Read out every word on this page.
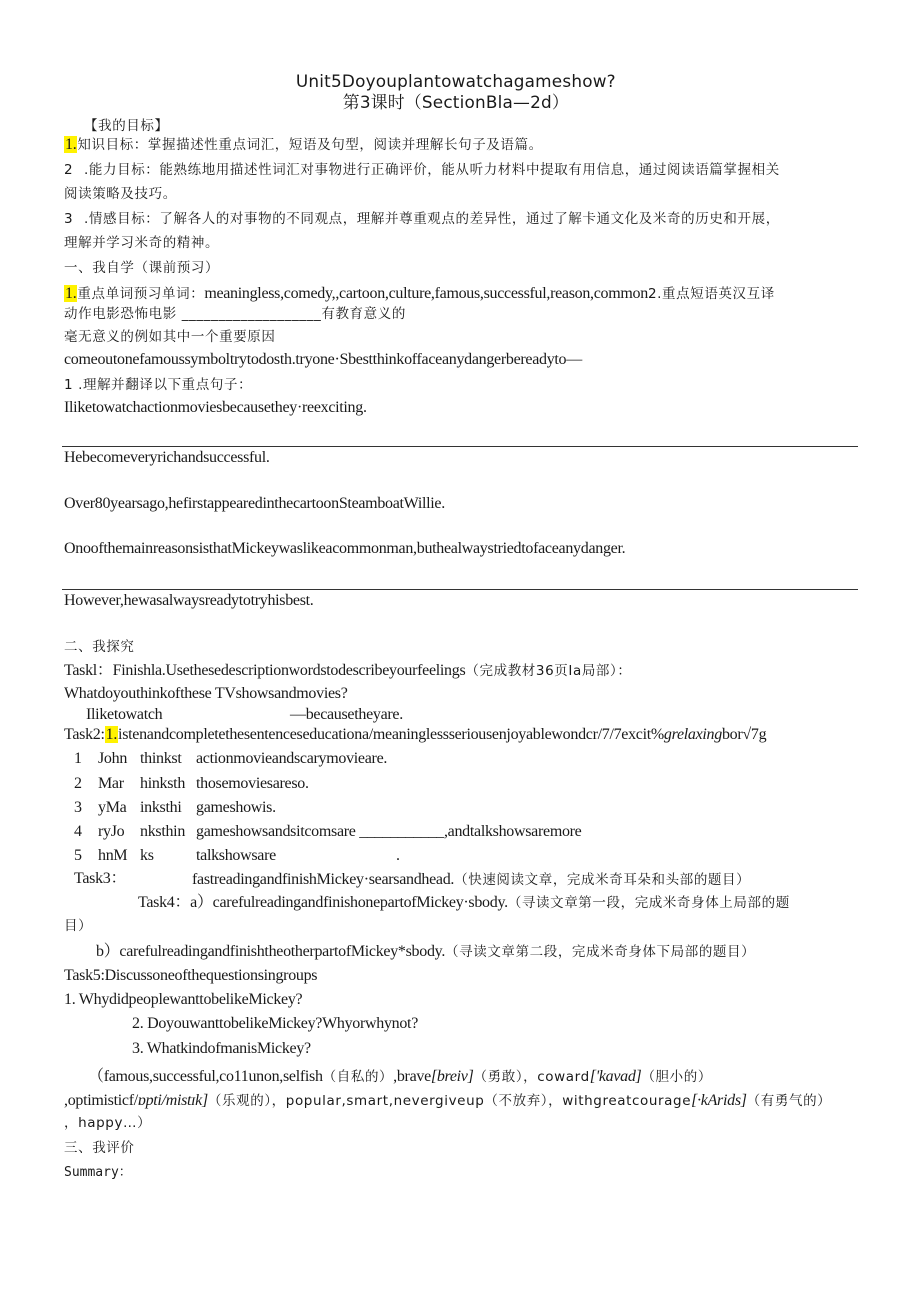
Unit5Doyouplantowatchagameshow?
第3课时（SectionBla—2d）
【我的目标】
1.知识目标：掌握描述性重点词汇，短语及句型，阅读并理解长句子及语篇。
2 .能力目标：能熟练地用描述性词汇对事物进行正确评价，能从听力材料中提取有用信息，通过阅读语篇掌握相关
阅读策略及技巧。
3 .情感目标：了解各人的对事物的不同观点，理解并尊重观点的差异性，通过了解卡通文化及米奇的历史和开展，
理解并学习米奇的精神。
一、我自学（课前预习）
1.重点单词预习单词：meaningless,comedy,,cartoon,culture,famous,successful,reason,common2.重点短语英汉互译
动作电影恐怖电影 ___________________有教育意义的
毫无意义的例如其中一个重要原因
comeoutonefamoussymboltrytodosth.tryone·Sbestthinkoffaceanydangerbereadyto—
1 .理解并翻译以下重点句子：
Iliketowatchactionmoviesbecausethey·reexciting.
Hebecomeveryrichandsuccessful.
Over80yearsago,hefirstappearedinthecartoonSteamboatWillie.
OnoofthemainreasonsisthatMickeywaslikeacommonman,buthealwaystriedtofaceanydanger.
However,hewasalwaysreadytotryhisbest.
二、我探究
Taskl：Finishla.Usethesedescriptionwordstodescribeyourfeelings（完成教材36页Ia局部）：
Whatdoyouthinkofthese TVshowsandmovies?
Iliketowatch	—becausetheyare.
Task2:1.istenandcompletethesentenceseducationa/meaninglessseriousenjoyablewondcr/7/7excit%grelaxingbor√7g
1 John thinkst actionmovieandscarymovieare.
2 Mar hinksth thosemoviesareso.
3 yMa inksthi gameshowis.
4 ryJo nksthin gameshowsandsitcomsare ___________,andtalkshowsaremore
5 hnM ks	talkshowsare	.
Task3：	fastreadingandfinishMickey·searsandhead.（快速阅读文章，完成米奇耳朵和头部的题目）
Task4：a）carefulreadingandfinishonepartofMickey·sbody.（寻读文章第一段，完成米奇身体上局部的题
目）
b）carefulreadingandfinishtheotherpartofMickey*sbody.（寻读文章第二段，完成米奇身体下局部的题目）
Task5:Discussoneofthequestionsingroups
1. WhydidpeoplewanttobelikeMickey?
2. DoyouwanttobelikeMickey?Whyorwhynot?
3. WhatkindofmanisMickey?
（famous,successful,co11unon,selfish（自私的）,brave[breiv]（勇敢），coward['kavad]（胆小的）
,optimisticf/ɒpti/mistɪk]（乐观的），popular,smart,nevergiveup（不放弃），withgreatcourage[·kArids]（有勇气的）
，happy…）
三、我评价
Summary：
